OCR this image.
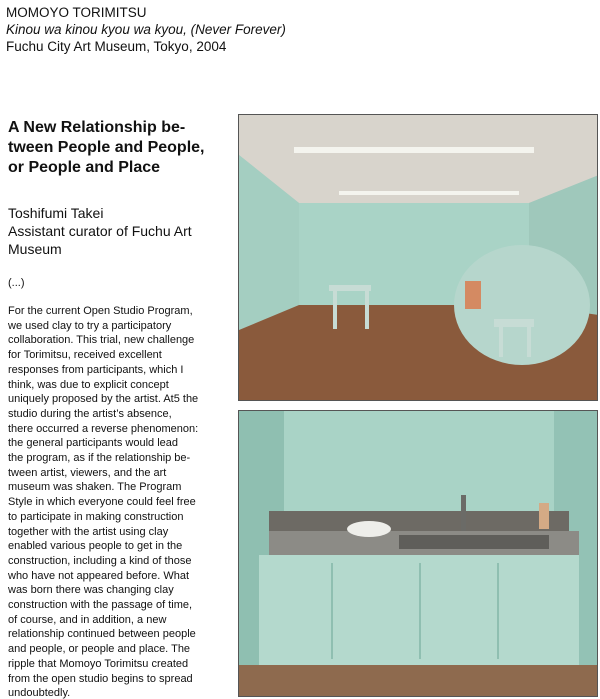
MOMOYO TORIMITSU
Kinou wa kinou kyou wa kyou, (Never Forever)
Fuchu City Art Museum, Tokyo, 2004
A New Relationship be-
tween People and People,
or People and Place
Toshifumi Takei
Assistant curator of Fuchu Art
Museum
(...)
For the current Open Studio Program,
we used clay to try a participatory
collaboration. This trial, new challenge
for Torimitsu, received excellent
responses from participants, which I
think, was due to explicit concept
uniquely proposed by the artist. At5 the
studio during the artist’s absence,
there occurred a reverse phenomenon:
the general participants would lead
the program, as if the relationship be-
tween artist, viewers, and the art
museum was shaken. The Program
Style in which everyone could feel free
to participate in making construction
together with the artist using clay
enabled various people to get in the
construction, including a kind of those
who have not appeared before. What
was born there was changing clay
construction with the passage of time,
of course, and in addition, a new
relationship continued between people
and people, or people and place. The
ripple that Momoyo Torimitsu created
from the open studio begins to spread
undoubtedly.
